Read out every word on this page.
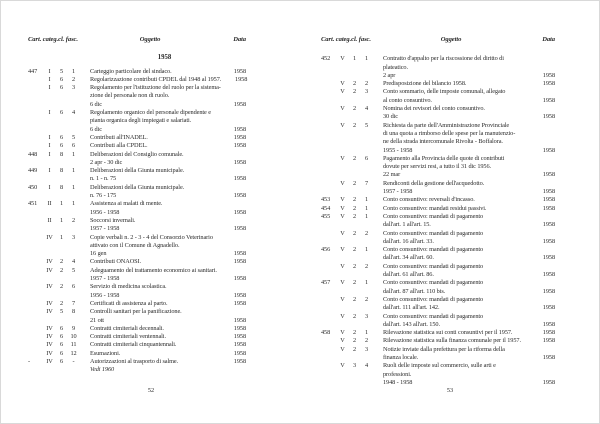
Cart. categ.cl. fasc.	Oggetto	Data
1958
447	I	5	1	Carteggio particolare del sindaco.	1958
I	6	2	Regolarizzazione contributi CPDEL dal 1948 al 1957.	1958
I	6	3	Regolamento per l'istituzione del ruolo per la sistema-
zione del personale non di ruolo.
6 dic	1958
I	6	4	Regolamento organico del personale dipendente e
pianta organica degli impiegati e salariati.
6 dic	1958
I	6	5	Contributi all'INADEL.	1958
I	6	6	Contributi alla CPDEL.	1958
448	I	8	1	Deliberazioni del Consiglio comunale.
2 apr - 30 dic	1958
449	I	8	1	Deliberazioni della Giunta municipale.
n. 1 - n. 75	1958
450	I	8	1	Deliberazioni della Giunta municipale.
n. 76 - 175	1958
451	II	1	1	Assistenza ai malati di mente.
1956 - 1958	1958
II	1	2	Soccorsi invernali.
1957 - 1958	1958
IV	1	3	Copie verbali n. 2 - 3 - 4 del Consorzio Veterinario
attivato con il Comune di Agnadello.
16 gen	1958
IV	2	4	Contributi ONAOSI.	1958
IV	2	5	Adeguamento del trattamento economico ai sanitari.
1957 - 1958	1958
IV	2	6	Servizio di medicina scolastica.
1956 - 1958	1958
IV	2	7	Certificati di assistenza al parto.	1958
IV	5	8	Controlli sanitari per la panificazione.
21 ott	1958
IV	6	9	Contratti cimiteriali decennali.	1958
IV	6	10	Contratti cimiteriali ventennali.	1958
IV	6	11	Contratti cimiteriali cinquantennali.	1958
IV	6	12	Esumazioni.	1958
-	IV	6	-	Autorizzazioni al trasporto di salme.	1958
Vedi 1960
52
Cart. categ.cl. fasc.	Oggetto	Data
452	V	1	1	Contratto d'appalto per la riscossione del diritto di
plateatico.
2 apr	1958
V	2	2	Predisposizione del bilancio 1958.	1958
V	2	3	Conto sommario, delle imposte comunali, allegato
al conto consuntivo.	1958
V	2	4	Nomina dei revisori del conto consuntivo.
30 dic	1958
V	2	5	Richiesta da parte dell'Amministrazione Provinciale
di una quota a rimborso delle spese per la manutenzio-
ne della strada intercomunale Rivolta - Boffalora.
1955 - 1958	1958
V	2	6	Pagamento alla Provincia delle quote di contributi
dovute per servizi resi, a tutto il 31 dic 1956.
22 mar	1958
V	2	7	Rendiconti della gestione dell'acquedotto.
1957 - 1958	1958
453	V	2	1	Conto consuntivo: reversali d'incasso.	1958
454	V	2	1	Conto consuntivo: mandati residui passivi.	1958
455	V	2	1	Conto consuntivo: mandati di pagamento
dall'art. 1 all'art. 15.	1958
V	2	2	Conto consuntivo: mandati di pagamento
dall'art. 16 all'art. 33.	1958
456	V	2	1	Conto consuntivo: mandati di pagamento
dall'art. 34 all'art. 60.	1958
V	2	2	Conto consuntivo: mandati di pagamento
dall'art. 61 all'art. 86.	1958
457	V	2	1	Conto consuntivo: mandati di pagamento
dall'art. 87 all'art. 110 bis.	1958
V	2	2	Conto consuntivo: mandati di pagamento
dall'art. 111 all'art. 142.	1958
V	2	3	Conto consuntivo: mandati di pagamento
dall'art. 143 all'art. 150.	1958
458	V	2	1	Rilevazione statistica sui conti consuntivi per il 1957.	1958
V	2	2	Rilevazione statistica sulla finanza comunale per il 1957.	1958
V	2	3	Notizie inviate dalla prefettura per la riforma della
finanza locale.	1958
V	3	4	Ruoli delle imposte sul commercio, sulle arti e
professioni.
1948 - 1958	1958
53
